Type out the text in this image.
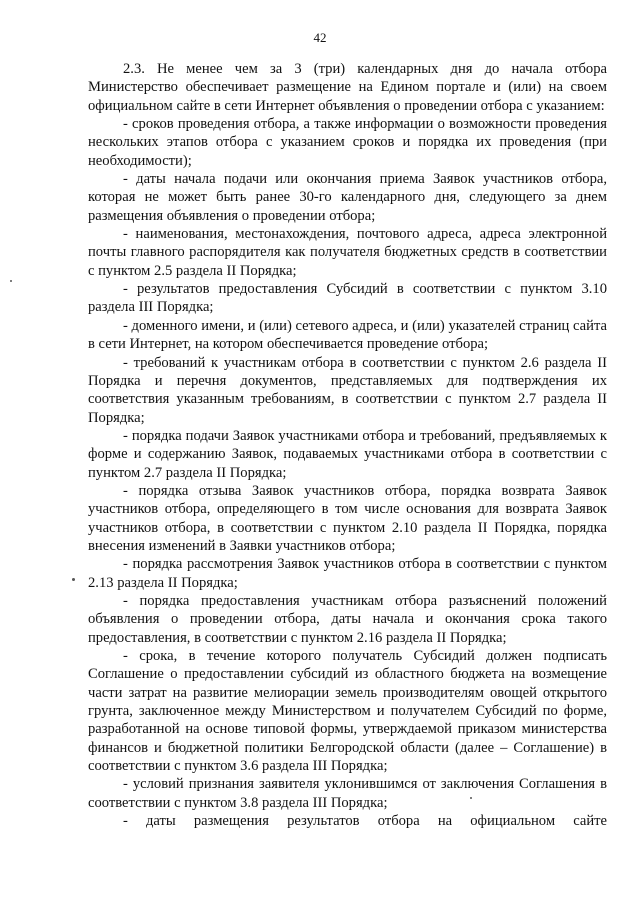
42

2.3. Не менее чем за 3 (три) календарных дня до начала отбора Министерство обеспечивает размещение на Едином портале и (или) на своем официальном сайте в сети Интернет объявления о проведении отбора с указанием:

- сроков проведения отбора, а также информации о возможности проведения нескольких этапов отбора с указанием сроков и порядка их проведения (при необходимости);

- даты начала подачи или окончания приема Заявок участников отбора, которая не может быть ранее 30-го календарного дня, следующего за днем размещения объявления о проведении отбора;

- наименования, местонахождения, почтового адреса, адреса электронной почты главного распорядителя как получателя бюджетных средств в соответствии с пунктом 2.5 раздела II Порядка;

- результатов предоставления Субсидий в соответствии с пунктом 3.10 раздела III Порядка;

- доменного имени, и (или) сетевого адреса, и (или) указателей страниц сайта в сети Интернет, на котором обеспечивается проведение отбора;

- требований к участникам отбора в соответствии с пунктом 2.6 раздела II Порядка и перечня документов, представляемых для подтверждения их соответствия указанным требованиям, в соответствии с пунктом 2.7 раздела II Порядка;

- порядка подачи Заявок участниками отбора и требований, предъявляемых к форме и содержанию Заявок, подаваемых участниками отбора в соответствии с пунктом 2.7 раздела II Порядка;

- порядка отзыва Заявок участников отбора, порядка возврата Заявок участников отбора, определяющего в том числе основания для возврата Заявок участников отбора, в соответствии с пунктом 2.10 раздела II Порядка, порядка внесения изменений в Заявки участников отбора;

- порядка рассмотрения Заявок участников отбора в соответствии с пунктом 2.13 раздела II Порядка;

- порядка предоставления участникам отбора разъяснений положений объявления о проведении отбора, даты начала и окончания срока такого предоставления, в соответствии с пунктом 2.16 раздела II Порядка;

- срока, в течение которого получатель Субсидий должен подписать Соглашение о предоставлении субсидий из областного бюджета на возмещение части затрат на развитие мелиорации земель производителям овощей открытого грунта, заключенное между Министерством и получателем Субсидий по форме, разработанной на основе типовой формы, утверждаемой приказом министерства финансов и бюджетной политики Белгородской области (далее – Соглашение) в соответствии с пунктом 3.6 раздела III Порядка;

- условий признания заявителя уклонившимся от заключения Соглашения в соответствии с пунктом 3.8 раздела III Порядка;

- даты размещения результатов отбора на официальном сайте
